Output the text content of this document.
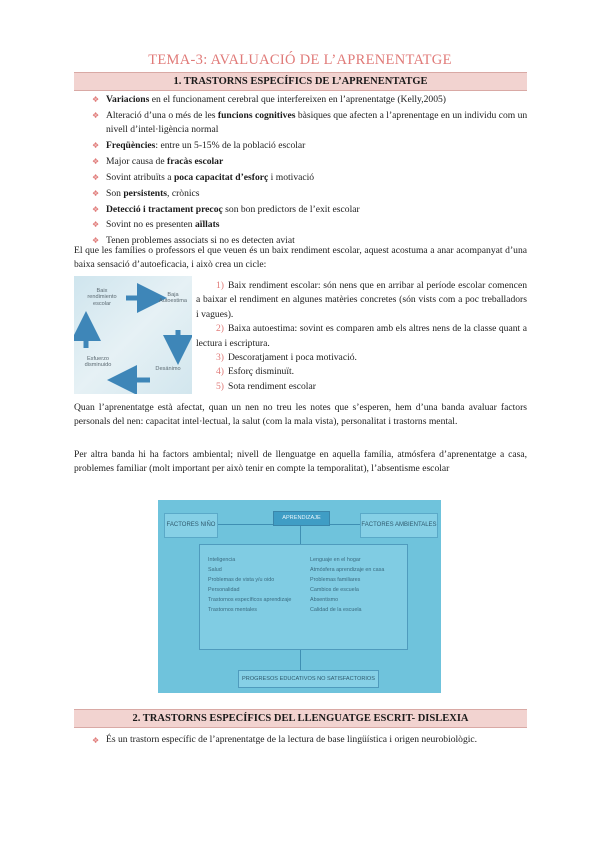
TEMA-3: AVALUACIÓ DE L’APRENENTATGE
1. TRASTORNS ESPECÍFICS DE L’APRENENTATGE
❖ Variacions en el funcionament cerebral que interfereixen en l’aprenentatge (Kelly,2005)
❖ Alteració d’una o més de les funcions cognitives bàsiques que afecten a l’aprenentage en un individu com un nivell d’intel·ligència normal
❖ Freqüències: entre un 5-15% de la població escolar
❖ Major causa de fracàs escolar
❖ Sovint atribuïts a poca capacitat d’esforç i motivació
❖ Son persistents, crònics
❖ Detecció i tractament precoç son bon predictors de l’exit escolar
❖ Sovint no es presenten aïllats
❖ Tenen problemes associats si no es detecten aviat

El que les famílies o professors el que veuen és un baix rendiment escolar, aquest acostuma a anar acompanyat d’una baixa sensació d’autoeficacia, i això crea un cicle:

Baix rendimiento escolar
Baja Autoestima
Desánimo
Esfuerzo disminuido
1) Baix rendiment escolar: són nens que en arribar al període escolar comencen a baixar el rendiment en algunes matèries concretes (són vists com a poc treballadors i vagues).
2) Baixa autoestima: sovint es comparen amb els altres nens de la classe quant a lectura i escriptura.
3) Descoratjament i poca motivació.
4) Esforç disminuït.
5) Sota rendiment escolar

Quan l’aprenentatge està afectat, quan un nen no treu les notes que s’esperen, hem d’una banda avaluar factors personals del nen: capacitat intel·lectual, la salut (com la mala vista), personalitat i trastorns mental.

Per altra banda hi ha factors ambiental; nivell de llenguatge en aquella família, atmósfera d’aprenentatge a casa, problemes familiar (molt important per això tenir en compte la temporalitat), l’absentisme escolar

APRENDIZAJE
FACTORES NIÑO	FACTORES AMBIENTALES
Inteligencia
Salud
Problemas de vista y/u oido
Personalidad
Trastornos específicos aprendizaje
Trastornos mentales
Lenguaje en el hogar
Atmósfera aprendizaje en casa
Problemas familiares
Cambios de escuela
Absentismo
Calidad de la escuela
PROGRESOS EDUCATIVOS NO SATISFACTORIOS
2. TRASTORNS ESPECÍFICS DEL LLENGUATGE ESCRIT- DISLEXIA
❖ És un trastorn específic de l’aprenentatge de la lectura de base lingüística i origen neurobiològic.
